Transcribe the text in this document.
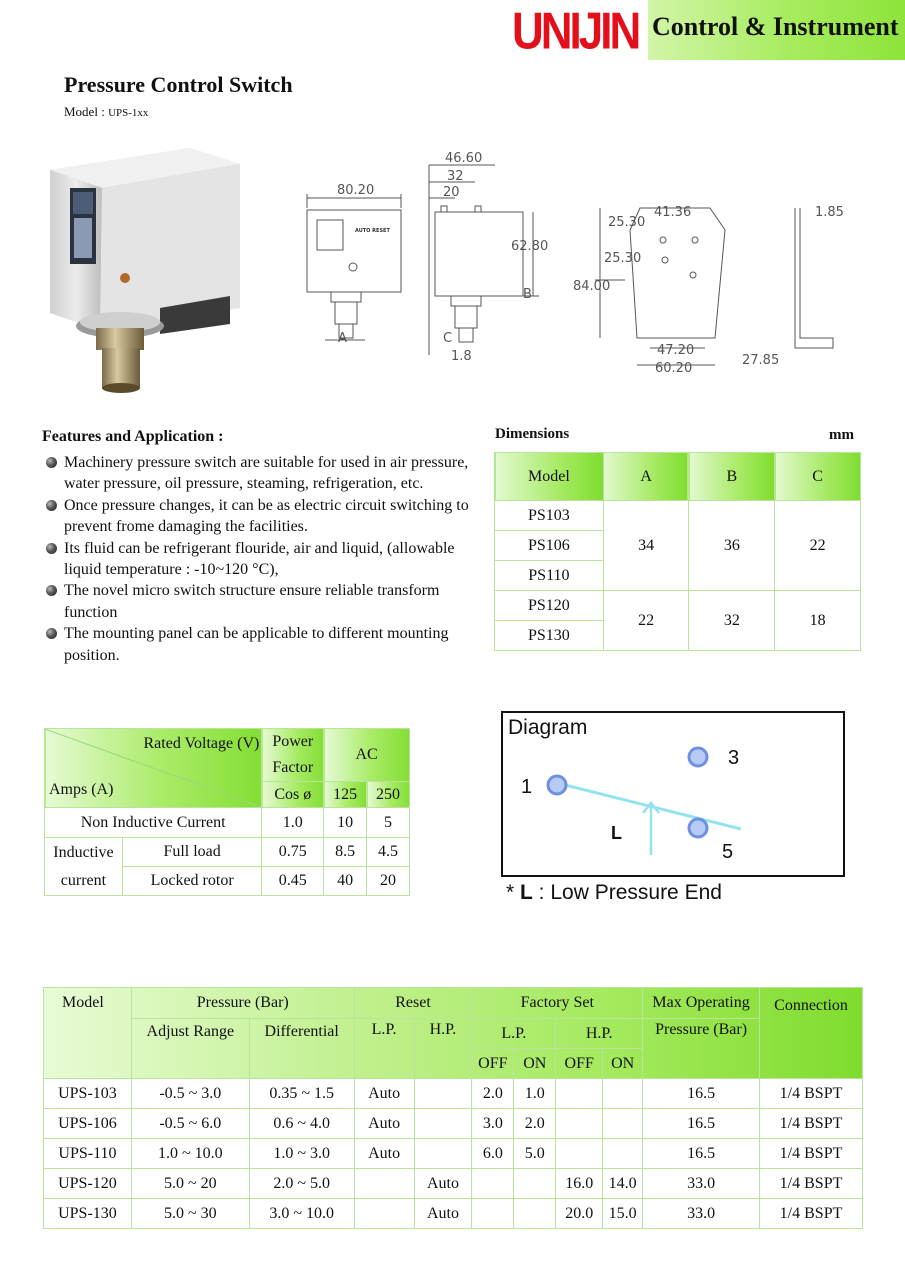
UNIJIN Control & Instrument
Pressure Control Switch
Model : UPS-1xx
80.20
46.60
32
20
62.80
B
A	C
1.8
41.36
25.30
25.30
84.00
47.20
60.20
1.85
27.85
AUTO RESET
Features and Application :
Machinery pressure switch are suitable for used in air pressure, water pressure, oil pressure, steaming, refrigeration, etc.
Once pressure changes, it can be as electric circuit switching to prevent frome damaging the facilities.
Its fluid can be refrigerant flouride, air and liquid, (allowable liquid temperature : -10~120 °C),
The novel micro switch structure ensure reliable transform function
The mounting panel can be applicable to different mounting position.
Dimensions	mm
Model	A	B	C
PS103	34	36	22
PS106			
PS110			
PS120	22	32	18
PS130			
Rated Voltage (V)
Amps (A)		Power
Factor	AC	
		Cos ø	125	250
Non Inductive Current		1.0	10	5
Inductive
current	Full load	0.75	8.5	4.5
	Locked rotor	0.45	40	20
Diagram
1
3
5
L
* L : Low Pressure End
Model	Pressure (Bar)		Reset		Factory Set				Max Operating	Connection
	Adjust Range	Differential	L.P.	H.P.	L.P.		H.P.		Pressure (Bar)	
					OFF	ON	OFF	ON		
UPS-103	-0.5 ~ 3.0	0.35 ~ 1.5	Auto		2.0	1.0			16.5	1/4 BSPT
UPS-106	-0.5 ~ 6.0	0.6 ~ 4.0	Auto		3.0	2.0			16.5	1/4 BSPT
UPS-110	1.0 ~ 10.0	1.0 ~ 3.0	Auto		6.0	5.0			16.5	1/4 BSPT
UPS-120	5.0 ~ 20	2.0 ~ 5.0		Auto			16.0	14.0	33.0	1/4 BSPT
UPS-130	5.0 ~ 30	3.0 ~ 10.0		Auto			20.0	15.0	33.0	1/4 BSPT
